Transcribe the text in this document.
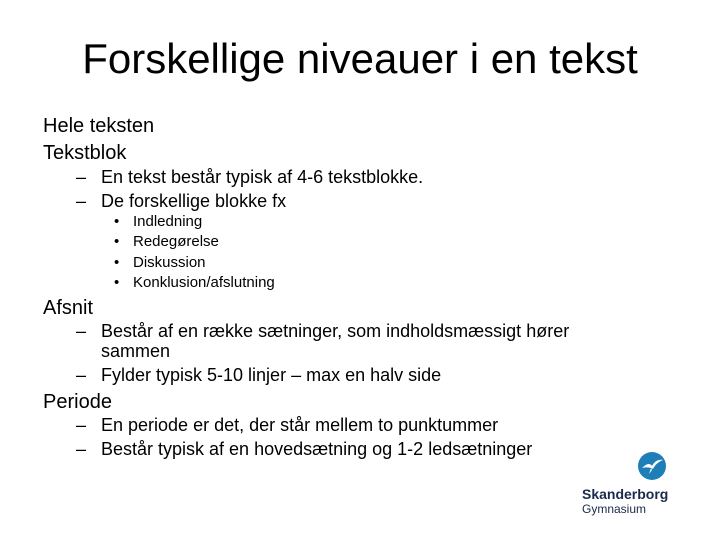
Forskellige niveauer i en tekst
Hele teksten
Tekstblok
– En tekst består typisk af 4-6 tekstblokke.
– De forskellige blokke fx
• Indledning
• Redegørelse
• Diskussion
• Konklusion/afslutning
Afsnit
– Består af en række sætninger, som indholdsmæssigt hører
sammen
– Fylder typisk 5-10 linjer – max en halv side
Periode
– En periode er det, der står mellem to punktummer
– Består typisk af en hovedsætning og 1-2 ledsætninger
Skanderborg
Gymnasium
